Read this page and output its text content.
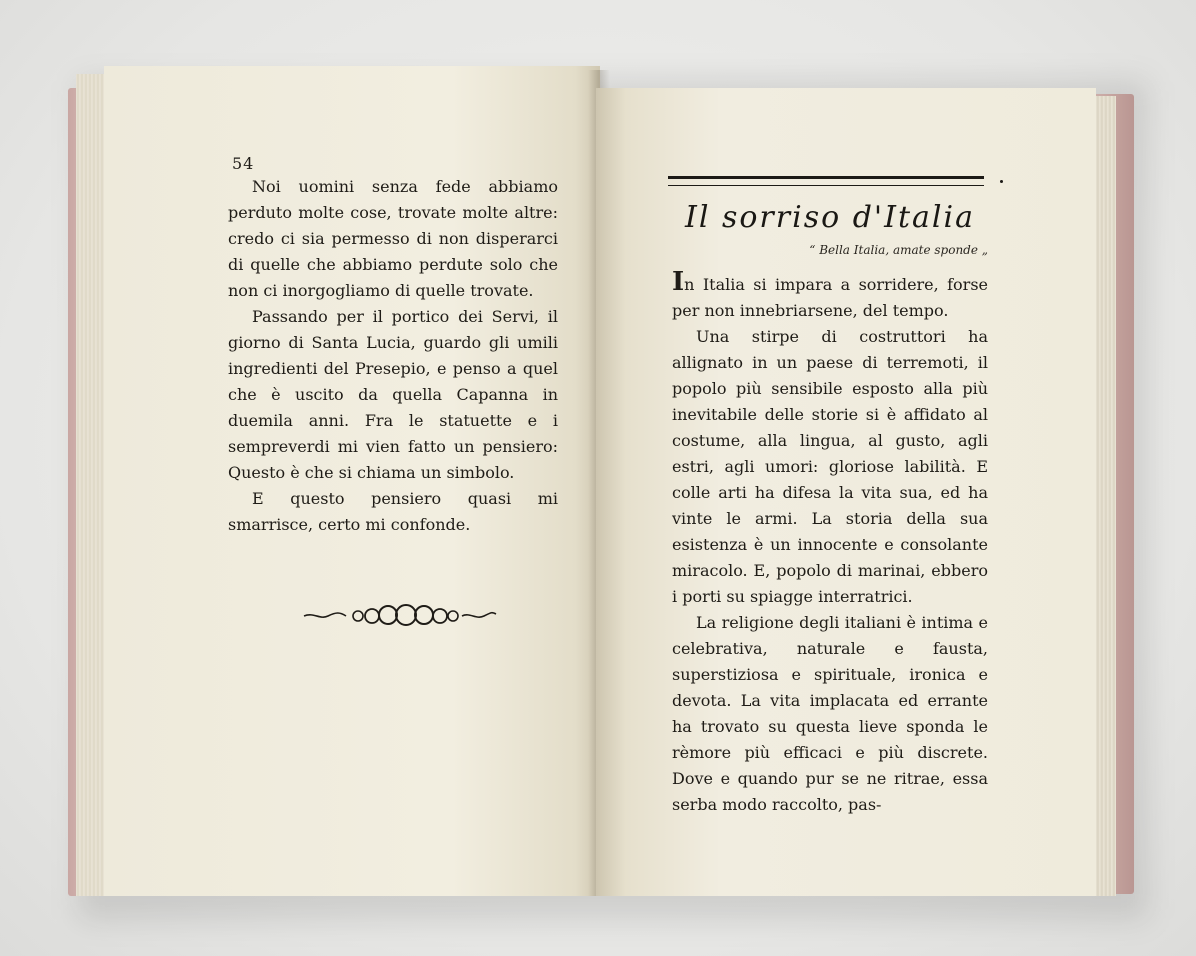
54

Noi uomini senza fede abbiamo perduto molte cose, trovate molte altre: credo ci sia permesso di non disperarci di quelle che abbiamo perdute solo che non ci inorgogliamo di quelle trovate.

Passando per il portico dei Servi, il giorno di Santa Lucia, guardo gli umili ingredienti del Presepio, e penso a quel che è uscito da quella Capanna in duemila anni. Fra le statuette e i sempreverdi mi vien fatto un pensiero: Questo è che si chiama un simbolo.

E questo pensiero quasi mi smarrisce, certo mi confonde.

Il sorriso d'Italia
“ Bella Italia, amate sponde „

In Italia si impara a sorridere, forse per non innebriarsene, del tempo.

Una stirpe di costruttori ha allignato in un paese di terremoti, il popolo più sensibile esposto alla più inevitabile delle storie si è affidato al costume, alla lingua, al gusto, agli estri, agli umori: gloriose labilità. E colle arti ha difesa la vita sua, ed ha vinte le armi. La storia della sua esistenza è un innocente e consolante miracolo. E, popolo di marinai, ebbero i porti su spiagge interratrici.

La religione degli italiani è intima e celebrativa, naturale e fausta, superstiziosa e spirituale, ironica e devota. La vita implacata ed errante ha trovato su questa lieve sponda le rèmore più efficaci e più discrete. Dove e quando pur se ne ritrae, essa serba modo raccolto, pas-
